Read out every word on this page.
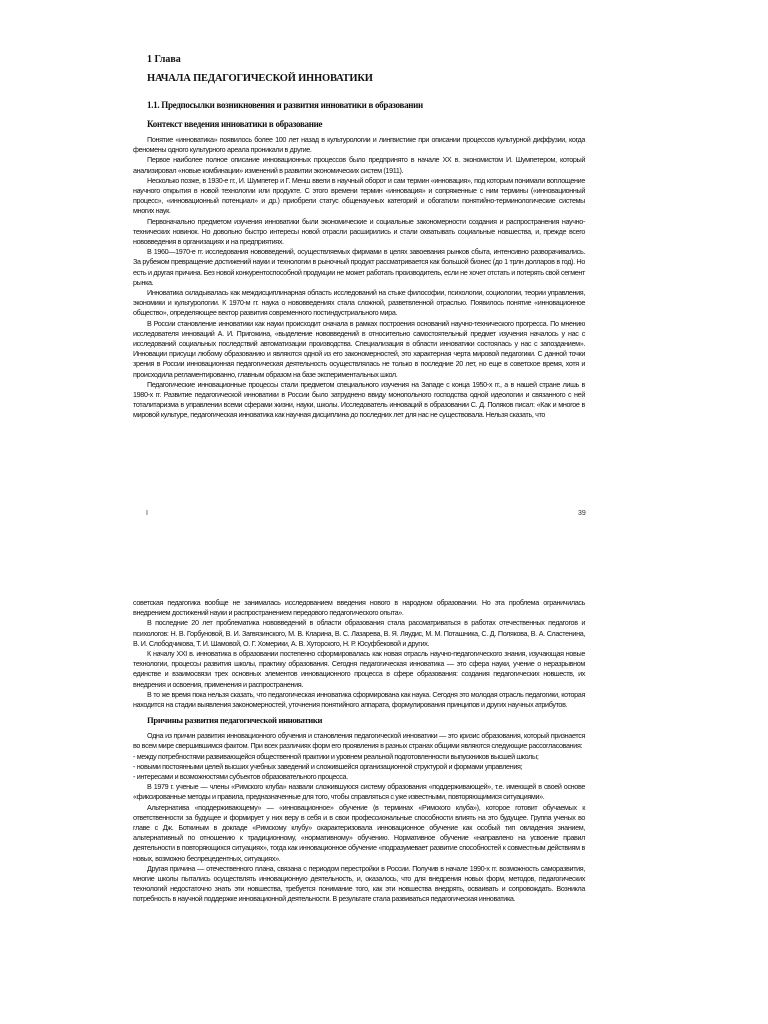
1 Глава
НАЧАЛА ПЕДАГОГИЧЕСКОЙ ИННОВАТИКИ
1.1. Предпосылки возникновения и развития инноватики в образовании
Контекст введения инноватики в образование

Понятие «инноватика» появилось более 100 лет назад в культурологии и лингвистике при описании процессов культурной диффузии, когда феномены одного культурного ареала проникали в другие.

Первое наиболее полное описание инновационных процессов было предпринято в начале XX в. экономистом И. Шумпетером, который анализировал «новые комбинации» изменений в развитии экономических систем (1911).

Несколько позже, в 1930-е гг., И. Шумпетер и Г. Менш ввели в научный оборот и сам термин «инновация», под которым понимали воплощение научного открытия в новой технологии или продукте. С этого времени термин «инновация» и сопряженные с ним термины («инновационный процесс», «инновационный потенциал» и др.) приобрели статус общенаучных категорий и обогатили понятийно-терминологические системы многих наук.

Первоначально предметом изучения инноватики были экономические и социальные закономерности создания и распространения научно-технических новинок. Но довольно быстро интересы новой отрасли расширились и стали охватывать социальные новшества, и, прежде всего нововведения в организациях и на предприятиях.

В 1960—1970-е гг. исследования нововведений, осуществляемых фирмами в целях завоевания рынков сбыта, интенсивно разворачивались. За рубежом превращение достижений науки и технологии в рыночный продукт рассматривается как большой бизнес (до 1 трлн долларов в год). Но есть и другая причина. Без новой конкурентоспособной продукции не может работать производитель, если не хочет отстать и потерять свой сегмент рынка.

Инноватика складывалась как междисциплинарная область исследований на стыке философии, психологии, социологии, теории управления, экономики и культурологии. К 1970-м гг. наука о нововведениях стала сложной, разветвленной отраслью. Появилось понятие «инновационное общество», определяющее вектор развития современного постиндустриального мира.

В России становление инноватики как науки происходит сначала в рамках построения оснований научно-технического прогресса. По мнению исследователя инноваций А. И. Пригожина, «выделение нововведений в относительно самостоятельный предмет изучения началось у нас с исследований социальных последствий автоматизации производства. Специализация в области инноватики состоялась у нас с запозданием». Инновации присущи любому образованию и являются одной из его закономерностей, это характерная черта мировой педагогики. С данной точки зрения в России инновационная педагогическая деятельность осуществлялась не только в последние 20 лет, но еще в советское время, хотя и происходила регламентированно, главным образом на базе экспериментальных школ.

Педагогические инновационные процессы стали предметом специального изучения на Западе с конца 1950-х гг., а в нашей стране лишь в 1980-х гг. Развитие педагогической инноватики в России было затруднено ввиду монопольного господства одной идеологии и связанного с ней тоталитаризма в управлении всеми сферами жизни, науки, школы. Исследователь инноваций в образовании С. Д. Поляков писал: «Как и многое в мировой культуре, педагогическая инноватика как научная дисциплина до последних лет для нас не существовала. Нельзя сказать, что

I	39

советская педагогика вообще не занималась исследованием введения нового в народном образовании. Но эта проблема ограничилась внедрением достижений науки и распространением передового педагогического опыта».

В последние 20 лет проблематика нововведений в области образования стала рассматриваться в работах отечественных педагогов и психологов: Н. В. Горбуновой, В. И. Загвязинского, М. В. Кларина, В. С. Лазарева, В. Я. Ляудис, М. М. Поташника, С. Д. Полякова, В. А. Сластенина, В. И. Слободчикова, Т. И. Шамовой, О. Г. Хомерики, А. В. Хуторского, Н. Р. Юсуфбековой и других.

К началу XXI в. инноватика в образовании постепенно сформировалась как новая отрасль научно-педагогического знания, изучающая новые технологии, процессы развития школы, практику образования. Сегодня педагогическая инноватика — это сфера науки, учение о неразрывном единстве и взаимосвязи трех основных элементов инновационного процесса в сфере образования: создания педагогических новшеств, их внедрения и освоения, применения и распространения.

В то же время пока нельзя сказать, что педагогическая инноватика сформирована как наука. Сегодня это молодая отрасль педагогики, которая находится на стадии выявления закономерностей, уточнения понятийного аппарата, формулирования принципов и других научных атрибутов.

Причины развития педагогической инноватики

Одна из причин развития инновационного обучения и становления педагогической инноватики — это кризис образования, который признается во всем мире свершившимся фактом. При всех различиях форм его проявления в разных странах общими являются следующие рассогласования:

- между потребностями развивающейся общественной практики и уровнем реальной подготовленности выпускников высшей школы;

- новыми постоянными целей высших учебных заведений и сложившейся организационной структурой и формами управления;

- интересами и возможностями субъектов образовательного процесса.

В 1979 г. ученые — члены «Римского клуба» назвали сложившуюся систему образования «поддерживающей», т.е. имеющей в своей основе «фиксированные методы и правила, предназначенные для того, чтобы справляться с уже известными, повторяющимися ситуациями».

Альтернатива «поддерживающему» — «инновационное» обучение (в терминах «Римского клуба»), которое готовит обучаемых к ответственности за будущее и формирует у них веру в себя и в свои профессиональные способности влиять на это будущее. Группа ученых во главе с Дж. Боткиным в докладе «Римскому клубу» охарактеризовала инновационное обучение как особый тип овладения знанием, альтернативный по отношению к традиционному, «нормативному» обучению. Нормативное обучение «направлено на усвоение правил деятельности в повторяющихся ситуациях», тогда как инновационное обучение «подразумевает развитие способностей к совместным действиям в новых, возможно беспрецедентных, ситуациях».

Другая причина — отечественного плана, связана с периодом перестройки в России. Получив в начале 1990-х гг. возможность саморазвития, многие школы пытались осуществлять инновационную деятельность, и, оказалось, что для внедрения новых форм, методов, педагогических технологий недостаточно знать эти новшества, требуется понимание того, как эти новшества внедрять, осваивать и сопровождать. Возникла потребность в научной поддержке инновационной деятельности. В результате стала развиваться педагогическая инноватика.
